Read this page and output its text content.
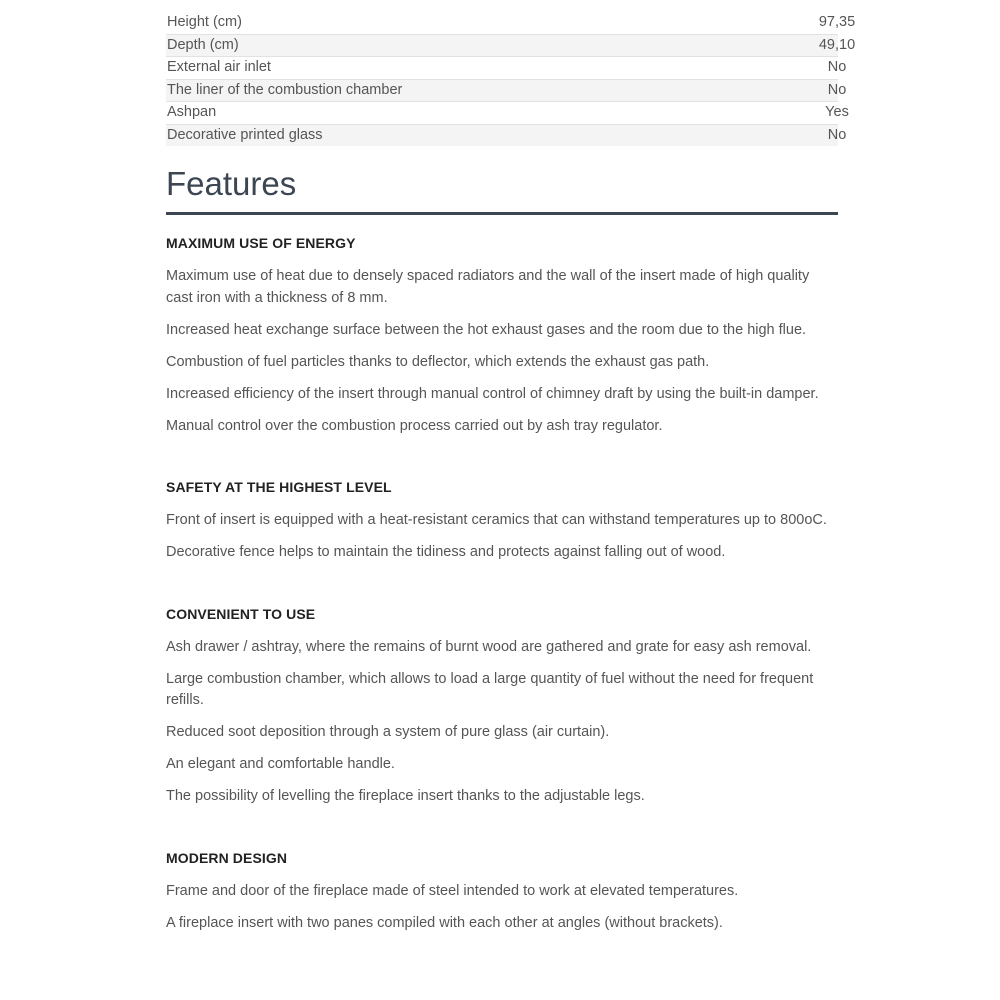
Height (cm)	97,35
Depth (cm)	49,10
External air inlet	No
The liner of the combustion chamber	No
Ashpan	Yes
Decorative printed glass	No
Features
MAXIMUM USE OF ENERGY

Maximum use of heat due to densely spaced radiators and the wall of the insert made of high quality cast iron with a thickness of 8 mm.

Increased heat exchange surface between the hot exhaust gases and the room due to the high flue.

Combustion of fuel particles thanks to deflector, which extends the exhaust gas path.

Increased efficiency of the insert through manual control of chimney draft by using the built-in damper.

Manual control over the combustion process carried out by ash tray regulator.

SAFETY AT THE HIGHEST LEVEL

Front of insert is equipped with a heat-resistant ceramics that can withstand temperatures up to 800oC.

Decorative fence helps to maintain the tidiness and protects against falling out of wood.

CONVENIENT TO USE

Ash drawer / ashtray, where the remains of burnt wood are gathered and grate for easy ash removal.

Large combustion chamber, which allows to load a large quantity of fuel without the need for frequent refills.

Reduced soot deposition through a system of pure glass (air curtain).

An elegant and comfortable handle.

The possibility of levelling the fireplace insert thanks to the adjustable legs.

MODERN DESIGN

Frame and door of the fireplace made of steel intended to work at elevated temperatures.

A fireplace insert with two panes compiled with each other at angles (without brackets).
